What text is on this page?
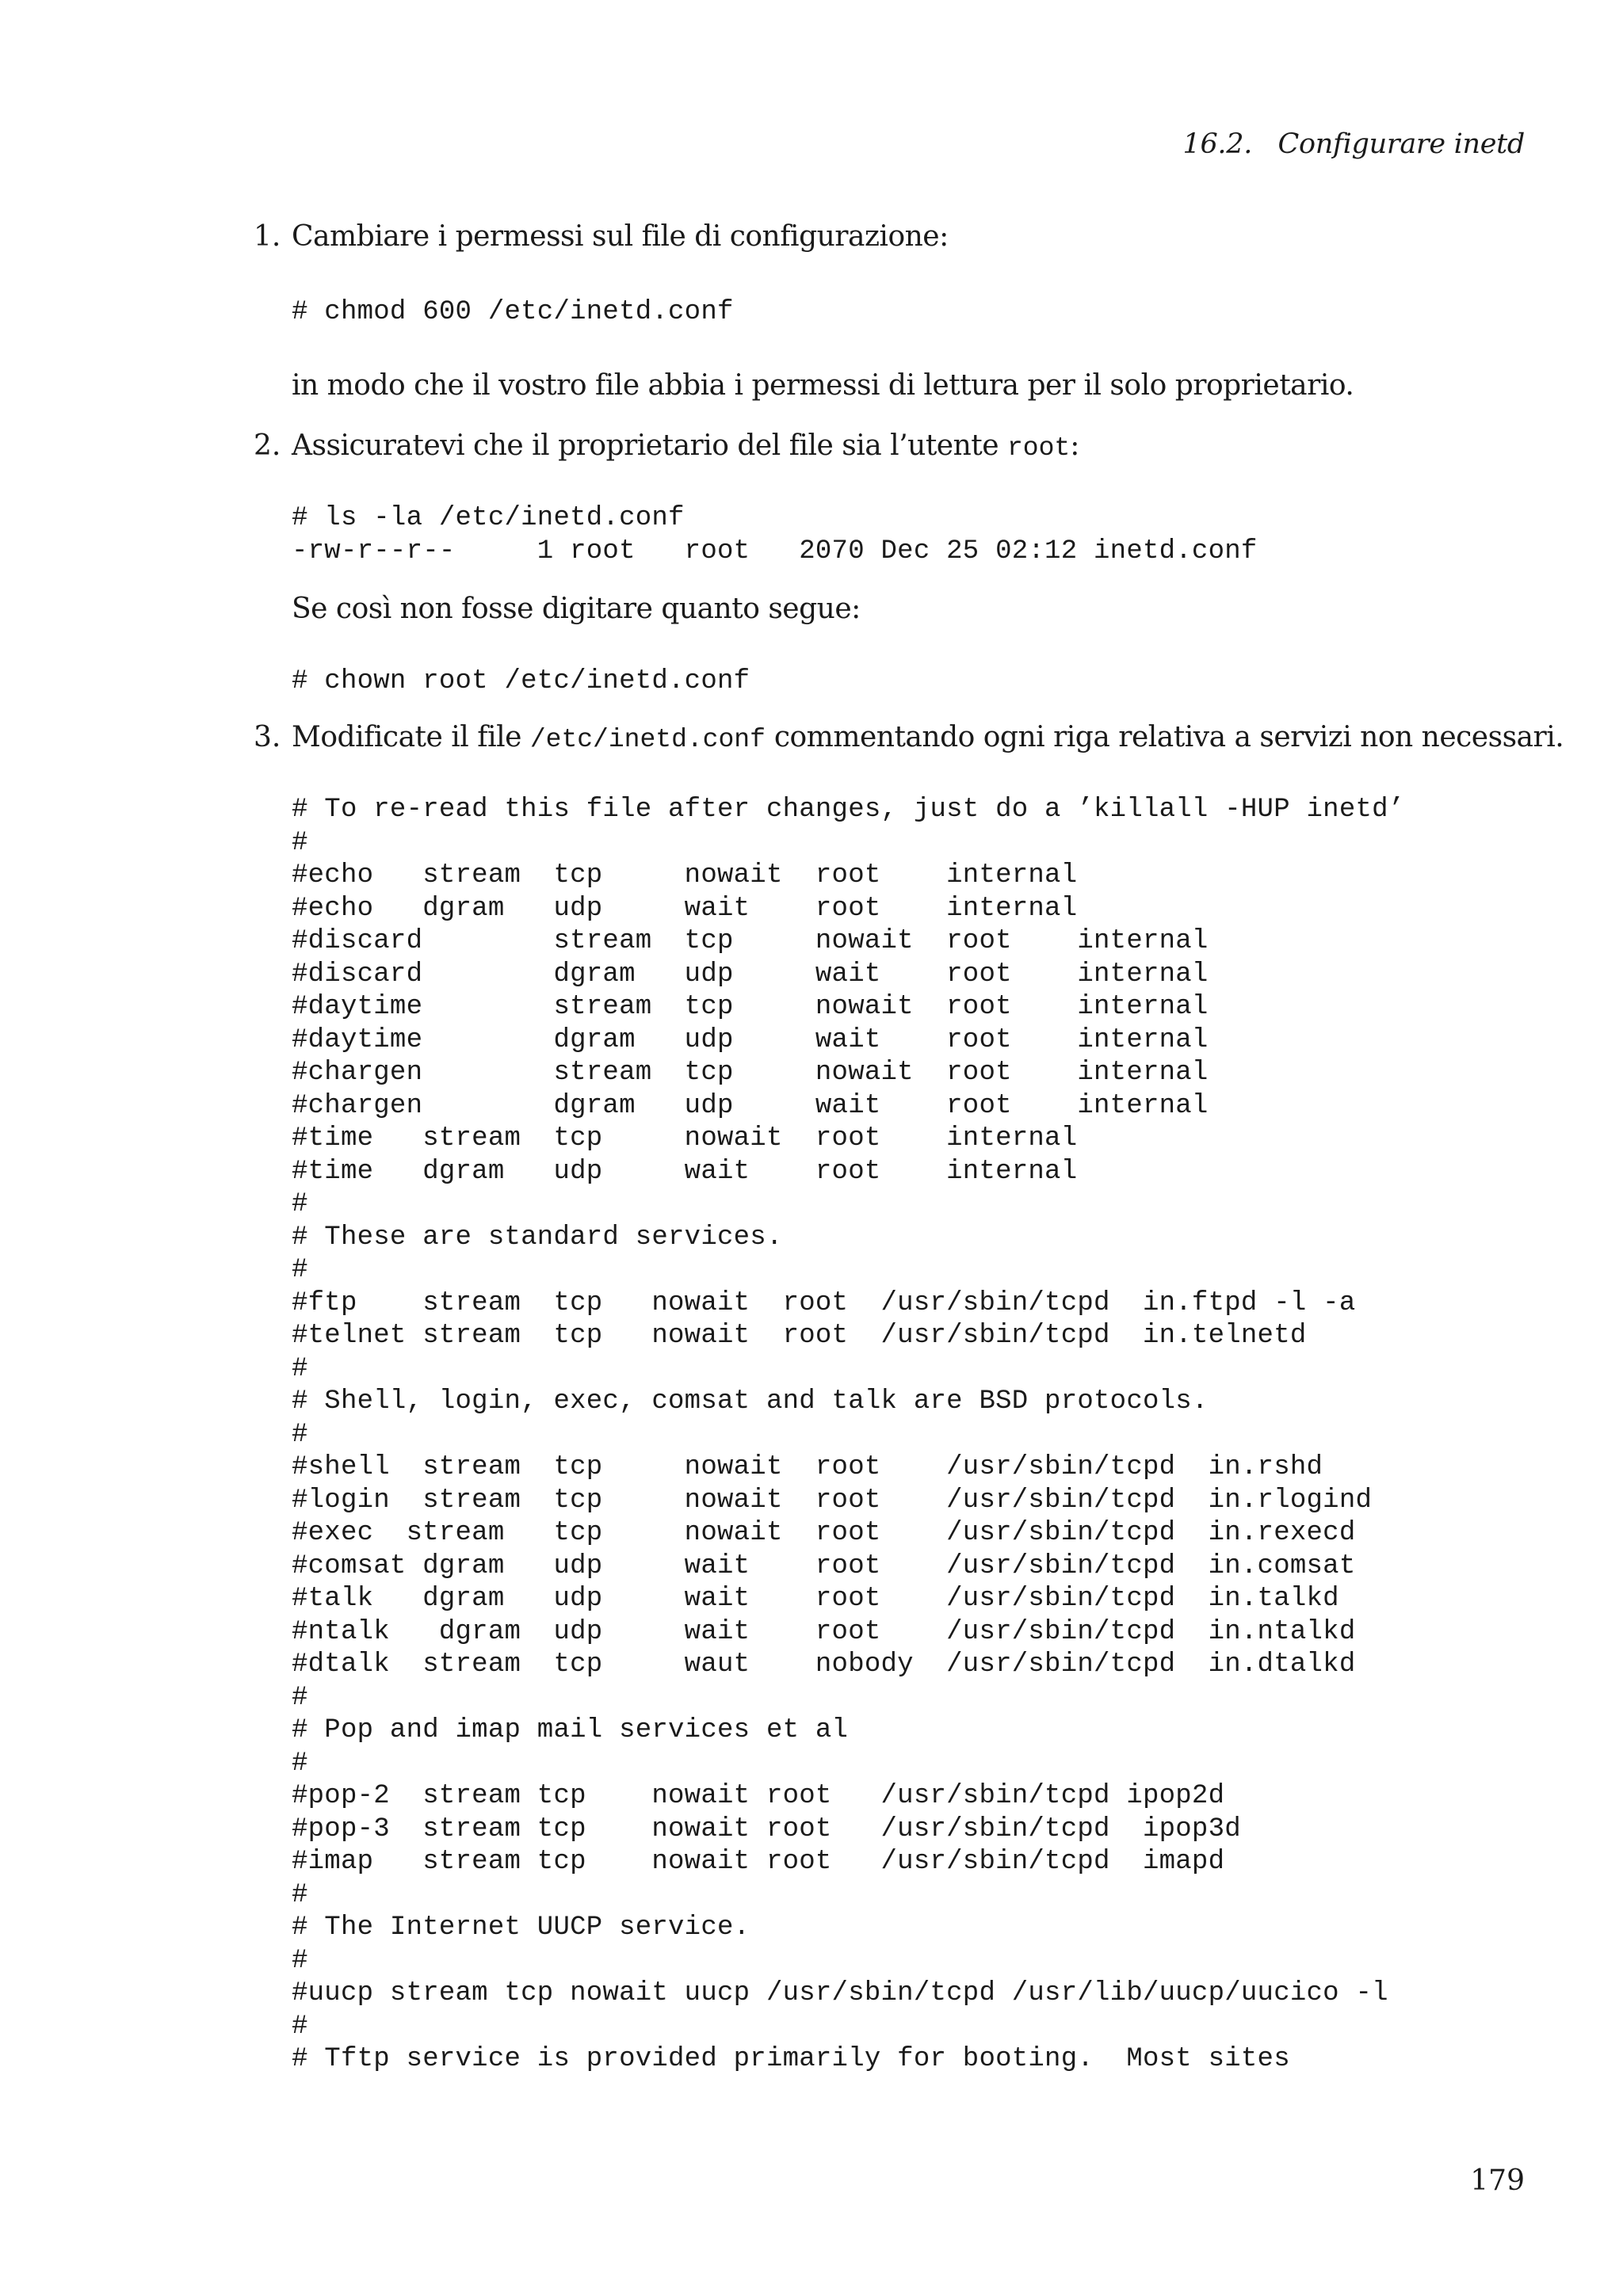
16.2.   Configurare inetd
1. Cambiare i permessi sul file di configurazione:
# chmod 600 /etc/inetd.conf
in modo che il vostro file abbia i permessi di lettura per il solo proprietario.
2. Assicuratevi che il proprietario del file sia l’utente root:
# ls -la /etc/inetd.conf
-rw-r--r--     1 root   root   2070 Dec 25 02:12 inetd.conf
Se così non fosse digitare quanto segue:
# chown root /etc/inetd.conf
3. Modificate il file /etc/inetd.conf commentando ogni riga relativa a servizi non necessari.
# To re-read this file after changes, just do a ’killall -HUP inetd’
#
#echo   stream  tcp     nowait  root    internal
#echo   dgram   udp     wait    root    internal
#discard        stream  tcp     nowait  root    internal
#discard        dgram   udp     wait    root    internal
#daytime        stream  tcp     nowait  root    internal
#daytime        dgram   udp     wait    root    internal
#chargen        stream  tcp     nowait  root    internal
#chargen        dgram   udp     wait    root    internal
#time   stream  tcp     nowait  root    internal
#time   dgram   udp     wait    root    internal
#
# These are standard services.
#
#ftp    stream  tcp   nowait  root  /usr/sbin/tcpd  in.ftpd -l -a
#telnet stream  tcp   nowait  root  /usr/sbin/tcpd  in.telnetd
#
# Shell, login, exec, comsat and talk are BSD protocols.
#
#shell  stream  tcp     nowait  root    /usr/sbin/tcpd  in.rshd
#login  stream  tcp     nowait  root    /usr/sbin/tcpd  in.rlogind
#exec  stream   tcp     nowait  root    /usr/sbin/tcpd  in.rexecd
#comsat dgram   udp     wait    root    /usr/sbin/tcpd  in.comsat
#talk   dgram   udp     wait    root    /usr/sbin/tcpd  in.talkd
#ntalk   dgram  udp     wait    root    /usr/sbin/tcpd  in.ntalkd
#dtalk  stream  tcp     waut    nobody  /usr/sbin/tcpd  in.dtalkd
#
# Pop and imap mail services et al
#
#pop-2  stream tcp    nowait root   /usr/sbin/tcpd ipop2d
#pop-3  stream tcp    nowait root   /usr/sbin/tcpd  ipop3d
#imap   stream tcp    nowait root   /usr/sbin/tcpd  imapd
#
# The Internet UUCP service.
#
#uucp stream tcp nowait uucp /usr/sbin/tcpd /usr/lib/uucp/uucico -l
#
# Tftp service is provided primarily for booting.  Most sites
179
